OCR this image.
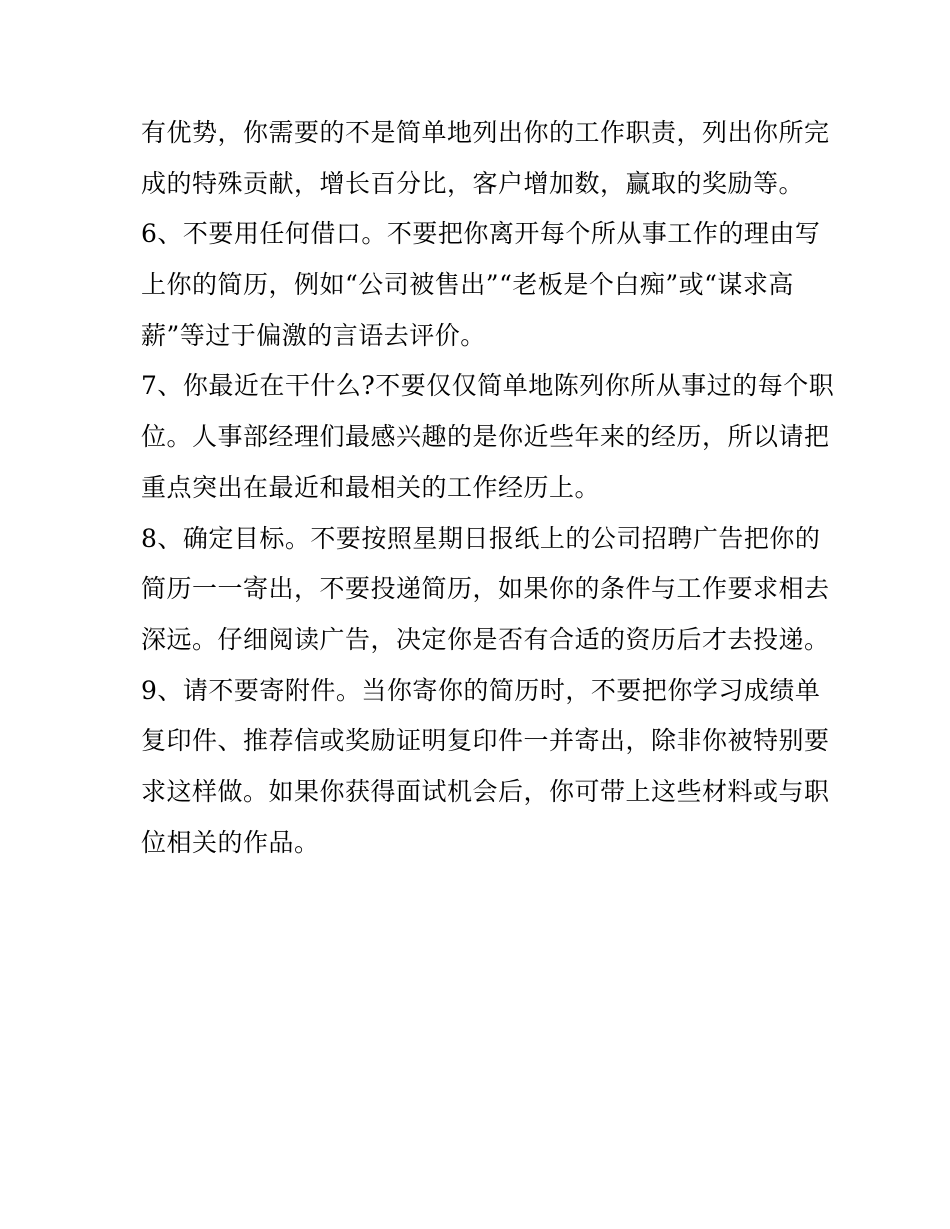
有优势，你需要的不是简单地列出你的工作职责，列出你所完
成的特殊贡献，增长百分比，客户增加数，赢取的奖励等。
6、不要用任何借口。不要把你离开每个所从事工作的理由写
上你的简历，例如“公司被售出”“老板是个白痴”或“谋求高
薪”等过于偏激的言语去评价。
7、你最近在干什么?不要仅仅简单地陈列你所从事过的每个职
位。人事部经理们最感兴趣的是你近些年来的经历，所以请把
重点突出在最近和最相关的工作经历上。
8、确定目标。不要按照星期日报纸上的公司招聘广告把你的
简历一一寄出，不要投递简历，如果你的条件与工作要求相去
深远。仔细阅读广告，决定你是否有合适的资历后才去投递。
9、请不要寄附件。当你寄你的简历时，不要把你学习成绩单
复印件、推荐信或奖励证明复印件一并寄出，除非你被特别要
求这样做。如果你获得面试机会后，你可带上这些材料或与职
位相关的作品。
